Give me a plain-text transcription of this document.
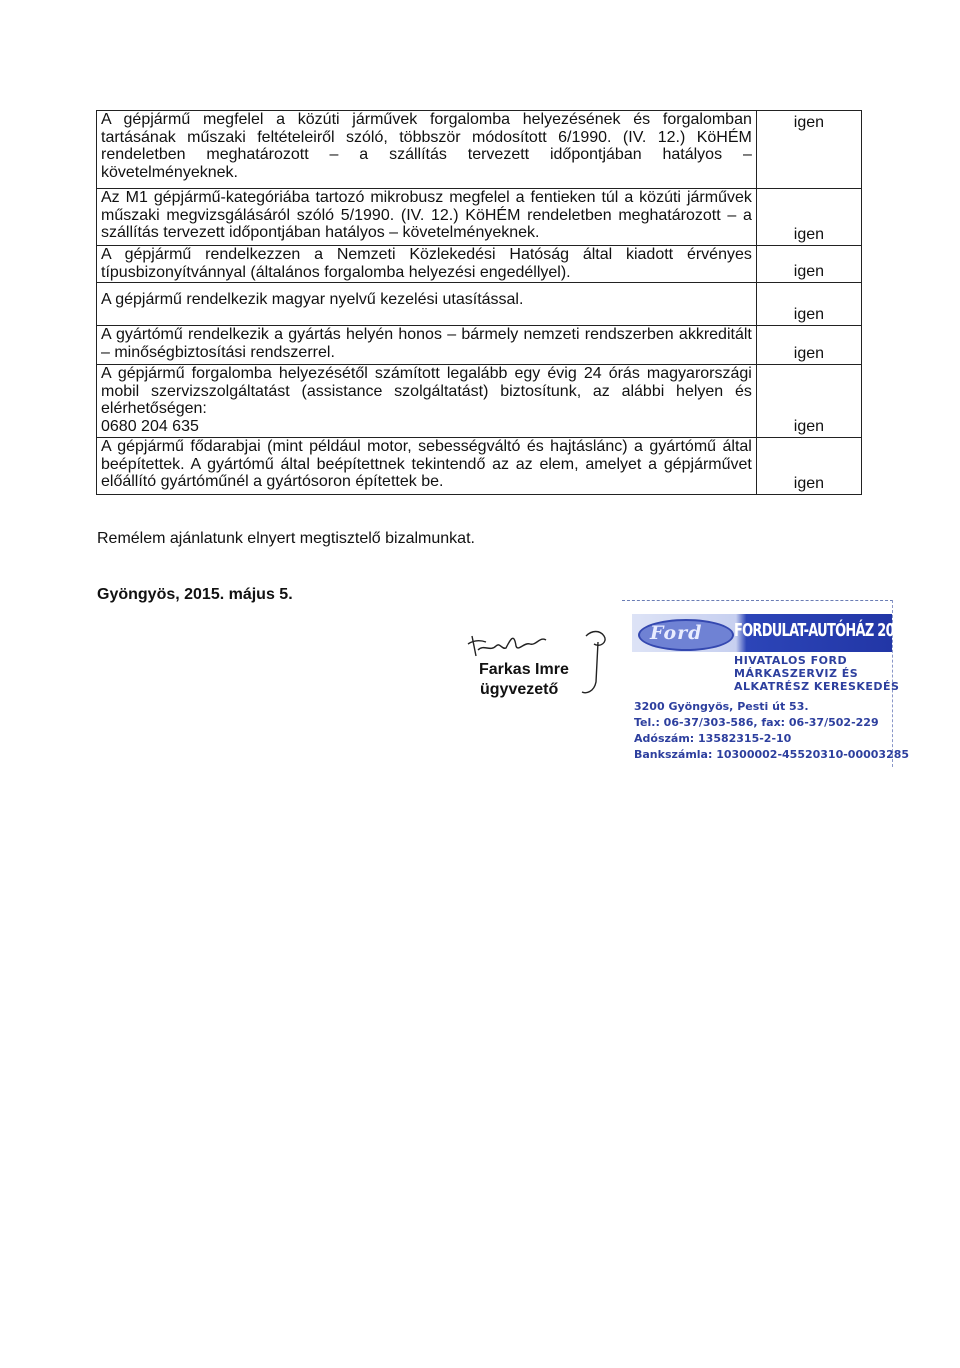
A gépjármű megfelel a közúti járművek forgalomba helyezésének és forgalomban tartásának műszaki feltételeiről szóló, többször módosított 6/1990. (IV. 12.) KöHÉM rendeletben meghatározott – a szállítás tervezett időpontjában hatályos – követelményeknek.	igen
Az M1 gépjármű-kategóriába tartozó mikrobusz megfelel a fentieken túl a közúti járművek műszaki megvizsgálásáról szóló 5/1990. (IV. 12.) KöHÉM rendeletben meghatározott – a szállítás tervezett időpontjában hatályos – követelményeknek.	igen
A gépjármű rendelkezzen a Nemzeti Közlekedési Hatóság által kiadott érvényes típusbizonyítvánnyal (általános forgalomba helyezési engedéllyel).	igen
A gépjármű rendelkezik magyar nyelvű kezelési utasítással.	igen
A gyártómű rendelkezik a gyártás helyén honos – bármely nemzeti rendszerben akkreditált – minőségbiztosítási rendszerrel.	igen
A gépjármű forgalomba helyezésétől számított legalább egy évig 24 órás magyarországi mobil szervizszolgáltatást (assistance szolgáltatást) biztosítunk, az alábbi helyen és elérhetőségen:
0680 204 635	igen
A gépjármű fődarabjai (mint például motor, sebességváltó és hajtáslánc) a gyártómű által beépítettek. A gyártómű által beépítettnek tekintendő az az elem, amelyet a gépjárművet előállító gyártóműnél a gyártósoron építettek be.	igen
Remélem ajánlatunk elnyert megtisztelő bizalmunkat.
Gyöngyös, 2015. május 5.
Farkas Imre
ügyvezető
Ford FORDULAT-AUTÓHÁZ 2005 Kft.
HIVATALOS FORD
MÁRKASZERVIZ ÉS
ALKATRÉSZ KERESKEDÉS
3200 Gyöngyös, Pesti út 53.
Tel.: 06-37/303-586, fax: 06-37/502-229
Adószám: 13582315-2-10
Bankszámla: 10300002-45520310-00003285
